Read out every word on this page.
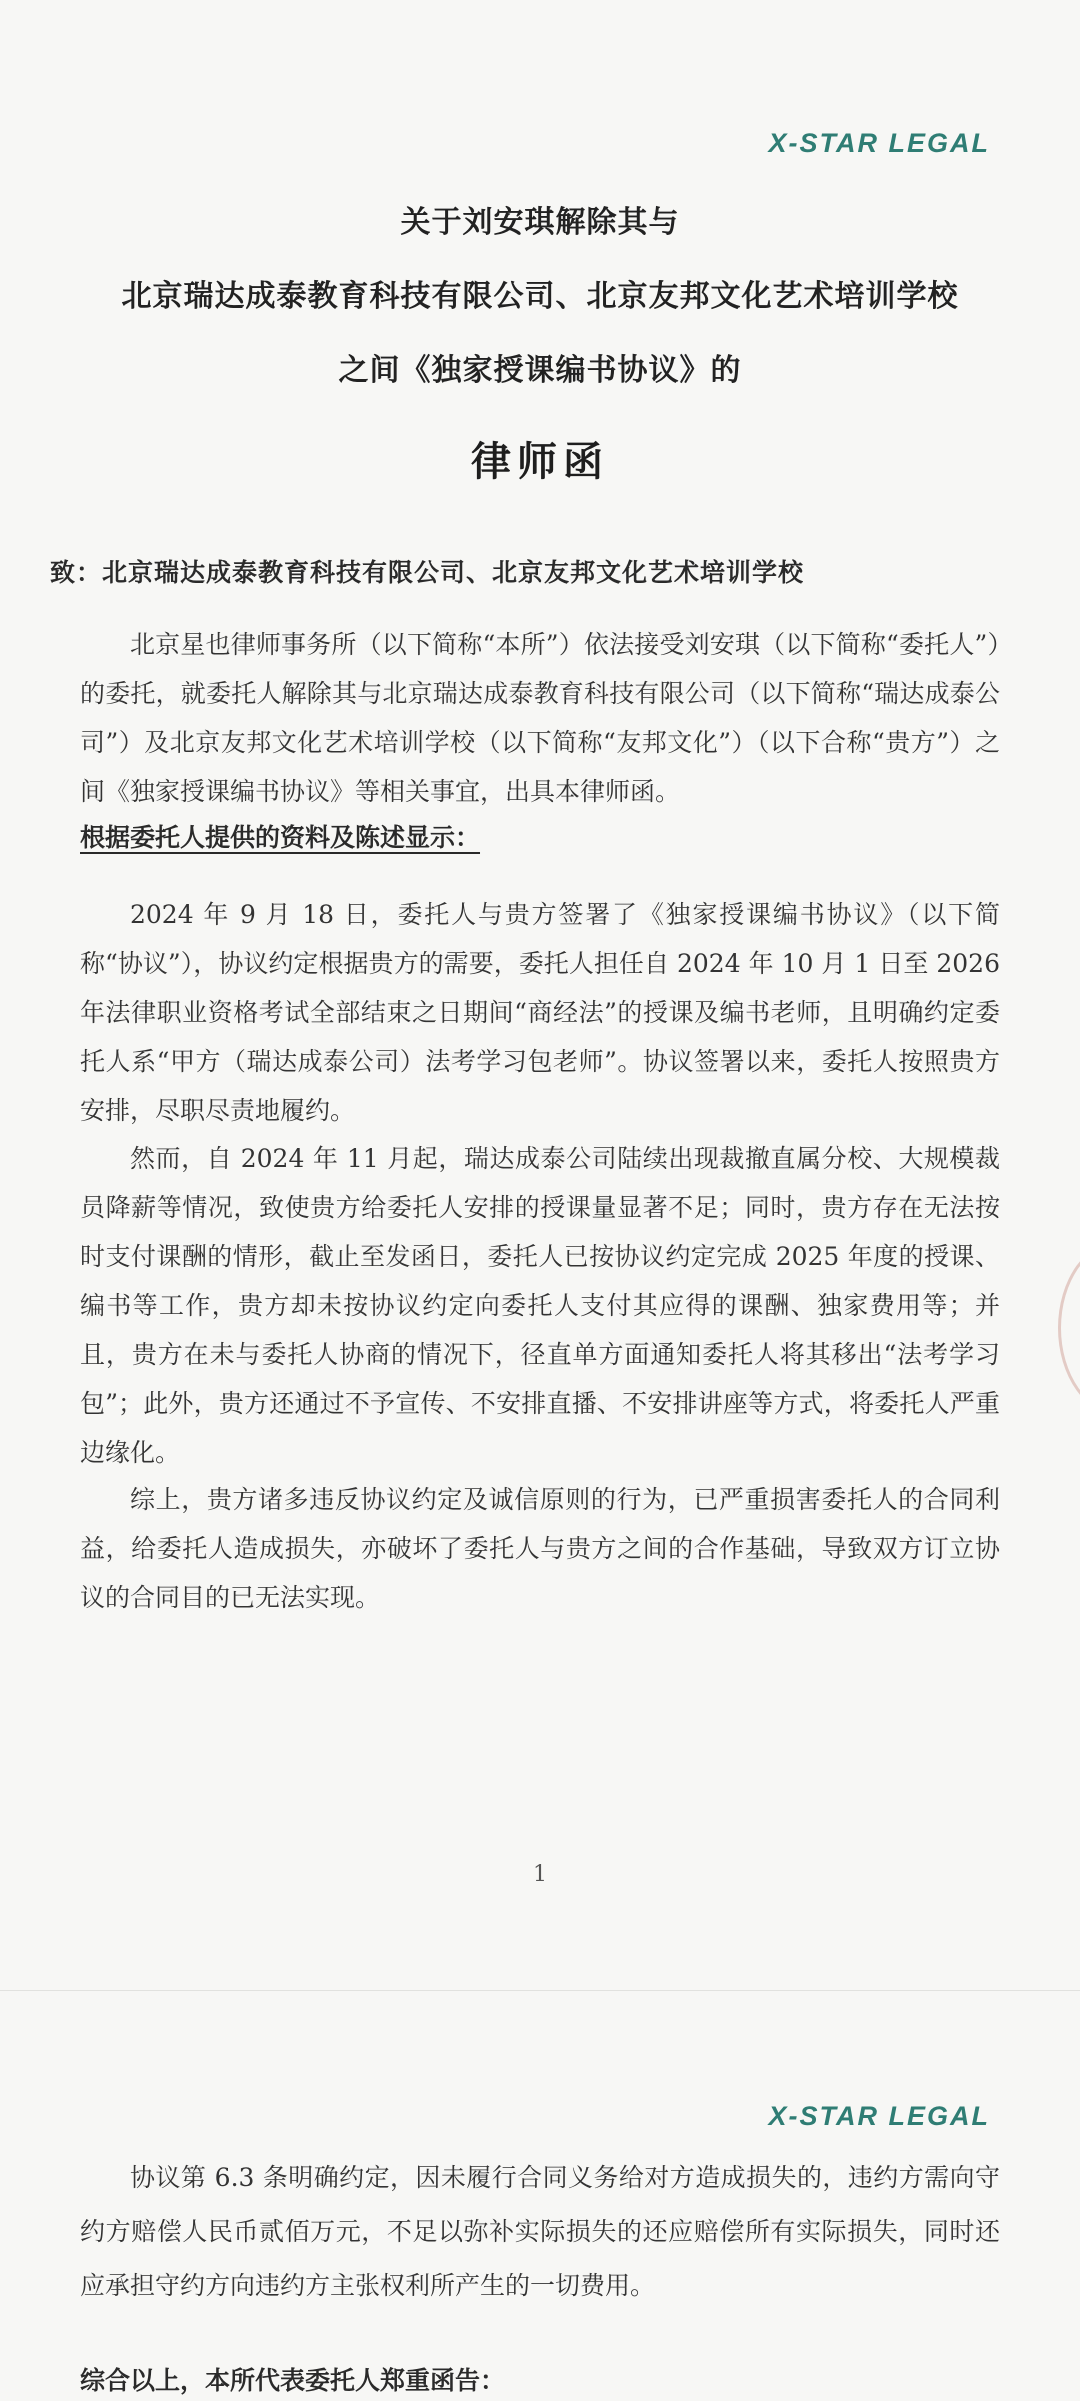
X-STAR LEGAL
关于刘安琪解除其与
北京瑞达成泰教育科技有限公司、北京友邦文化艺术培训学校
之间《独家授课编书协议》的
律师函
致：北京瑞达成泰教育科技有限公司、北京友邦文化艺术培训学校

北京星也律师事务所（以下简称“本所”）依法接受刘安琪（以下简称“委托人”）的委托，就委托人解除其与北京瑞达成泰教育科技有限公司（以下简称“瑞达成泰公司”）及北京友邦文化艺术培训学校（以下简称“友邦文化”）（以下合称“贵方”）之间《独家授课编书协议》等相关事宜，出具本律师函。

根据委托人提供的资料及陈述显示：

2024 年 9 月 18 日，委托人与贵方签署了《独家授课编书协议》（以下简称“协议”），协议约定根据贵方的需要，委托人担任自 2024 年 10 月 1 日至 2026 年法律职业资格考试全部结束之日期间“商经法”的授课及编书老师，且明确约定委托人系“甲方（瑞达成泰公司）法考学习包老师”。协议签署以来，委托人按照贵方安排，尽职尽责地履约。

然而，自 2024 年 11 月起，瑞达成泰公司陆续出现裁撤直属分校、大规模裁员降薪等情况，致使贵方给委托人安排的授课量显著不足；同时，贵方存在无法按时支付课酬的情形，截止至发函日，委托人已按协议约定完成 2025 年度的授课、编书等工作，贵方却未按协议约定向委托人支付其应得的课酬、独家费用等；并且，贵方在未与委托人协商的情况下，径直单方面通知委托人将其移出“法考学习包”；此外，贵方还通过不予宣传、不安排直播、不安排讲座等方式，将委托人严重边缘化。

综上，贵方诸多违反协议约定及诚信原则的行为，已严重损害委托人的合同利益，给委托人造成损失，亦破坏了委托人与贵方之间的合作基础，导致双方订立协议的合同目的已无法实现。

1
X-STAR LEGAL

协议第 6.3 条明确约定，因未履行合同义务给对方造成损失的，违约方需向守约方赔偿人民币贰佰万元，不足以弥补实际损失的还应赔偿所有实际损失，同时还应承担守约方向违约方主张权利所产生的一切费用。

综合以上，本所代表委托人郑重函告：
